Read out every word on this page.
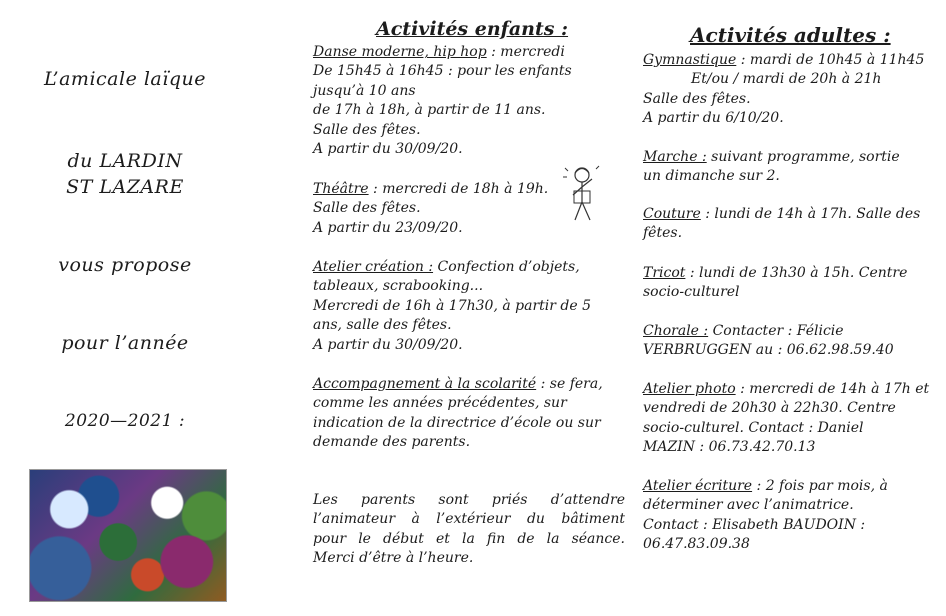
L’amicale laïque
du LARDIN
ST LAZARE
vous propose
pour l’année
2020—2021 :
Activités enfants :

Danse moderne, hip hop : mercredi

De 15h45 à 16h45 : pour les enfants

jusqu’à 10 ans

de 17h à 18h, à partir de 11 ans.

Salle des fêtes.

A partir du 30/09/20.

Théâtre : mercredi de 18h à 19h.

Salle des fêtes.

A partir du 23/09/20.

Atelier création : Confection d’objets,

tableaux, scrabooking...

Mercredi de 16h à 17h30, à partir de 5

ans, salle des fêtes.

A partir du 30/09/20.

Accompagnement à la scolarité : se fera,

comme les années précédentes, sur

indication de la directrice d’école ou sur

demande des parents.

Les parents sont priés d’attendre

l’animateur à l’extérieur du bâtiment

pour le début et la fin de la séance.

Merci d’être à l’heure.

Activités adultes :

Gymnastique : mardi de 10h45 à 11h45

Et/ou / mardi de 20h à 21h

Salle des fêtes.

A partir du 6/10/20.

Marche : suivant programme, sortie

un dimanche sur 2.

Couture : lundi de 14h à 17h. Salle des

fêtes.

Tricot : lundi de 13h30 à 15h. Centre

socio-culturel

Chorale : Contacter : Félicie

VERBRUGGEN au : 06.62.98.59.40

Atelier photo : mercredi de 14h à 17h et

vendredi de 20h30 à 22h30. Centre

socio-culturel. Contact : Daniel

MAZIN : 06.73.42.70.13

Atelier écriture : 2 fois par mois, à

déterminer avec l’animatrice.

Contact : Elisabeth BAUDOIN :

06.47.83.09.38
